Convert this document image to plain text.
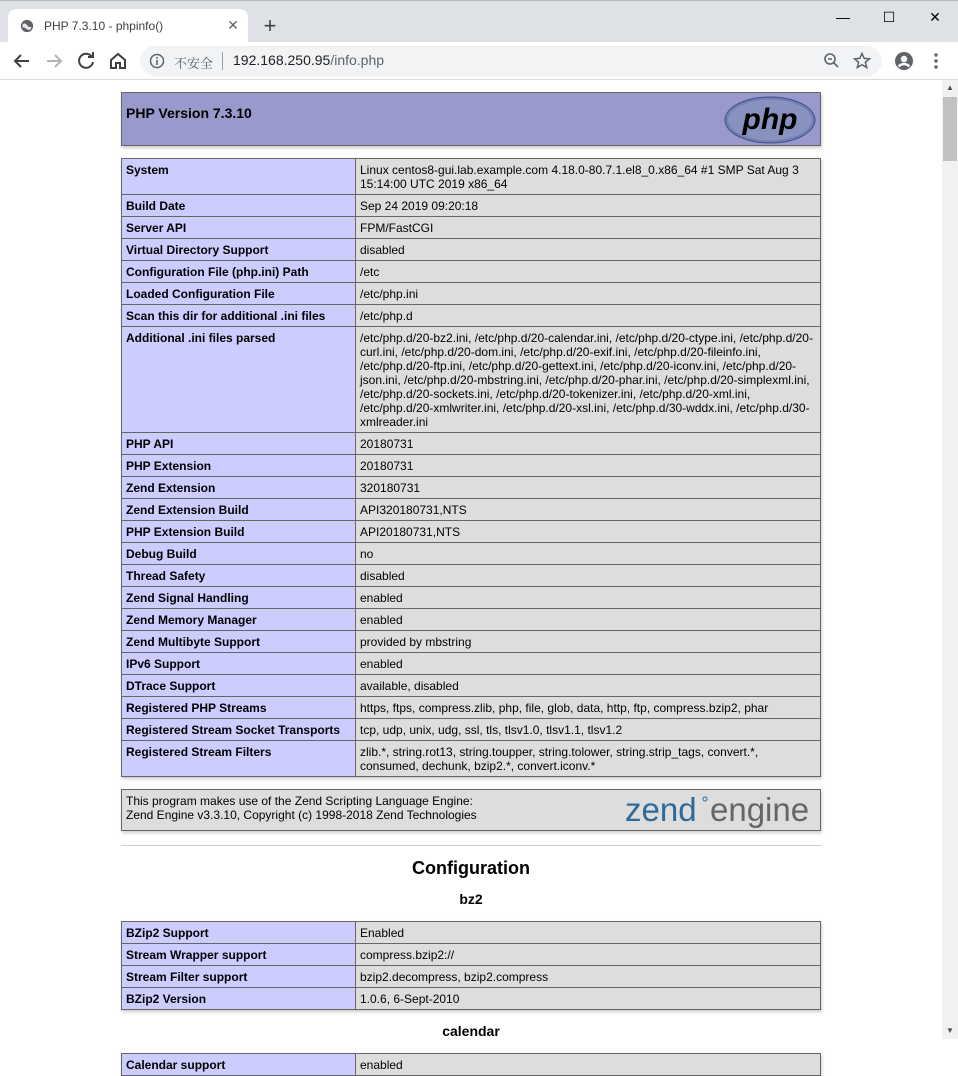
PHP 7.3.10 - phpinfo()	✕ +	—	☐	✕
不安全 192.168.250.95/info.php
PHP Version 7.3.10	php
System	Linux centos8-gui.lab.example.com 4.18.0-80.7.1.el8_0.x86_64 #1 SMP Sat Aug 3 15:14:00 UTC 2019 x86_64
Build Date	Sep 24 2019 09:20:18
Server API	FPM/FastCGI
Virtual Directory Support	disabled
Configuration File (php.ini) Path	/etc
Loaded Configuration File	/etc/php.ini
Scan this dir for additional .ini files	/etc/php.d
Additional .ini files parsed	/etc/php.d/20-bz2.ini, /etc/php.d/20-calendar.ini, /etc/php.d/20-ctype.ini, /etc/php.d/20-curl.ini, /etc/php.d/20-dom.ini, /etc/php.d/20-exif.ini, /etc/php.d/20-fileinfo.ini, /etc/php.d/20-ftp.ini, /etc/php.d/20-gettext.ini, /etc/php.d/20-iconv.ini, /etc/php.d/20-json.ini, /etc/php.d/20-mbstring.ini, /etc/php.d/20-phar.ini, /etc/php.d/20-simplexml.ini, /etc/php.d/20-sockets.ini, /etc/php.d/20-tokenizer.ini, /etc/php.d/20-xml.ini, /etc/php.d/20-xmlwriter.ini, /etc/php.d/20-xsl.ini, /etc/php.d/30-wddx.ini, /etc/php.d/30-xmlreader.ini
PHP API	20180731
PHP Extension	20180731
Zend Extension	320180731
Zend Extension Build	API320180731,NTS
PHP Extension Build	API20180731,NTS
Debug Build	no
Thread Safety	disabled
Zend Signal Handling	enabled
Zend Memory Manager	enabled
Zend Multibyte Support	provided by mbstring
IPv6 Support	enabled
DTrace Support	available, disabled
Registered PHP Streams	https, ftps, compress.zlib, php, file, glob, data, http, ftp, compress.bzip2, phar
Registered Stream Socket Transports	tcp, udp, unix, udg, ssl, tls, tlsv1.0, tlsv1.1, tlsv1.2
Registered Stream Filters	zlib.*, string.rot13, string.toupper, string.tolower, string.strip_tags, convert.*, consumed, dechunk, bzip2.*, convert.iconv.*
This program makes use of the Zend Scripting Language Engine:
Zend Engine v3.3.10, Copyright (c) 1998-2018 Zend Technologies	zend engine
Configuration
bz2
BZip2 Support	Enabled
Stream Wrapper support	compress.bzip2://
Stream Filter support	bzip2.decompress, bzip2.compress
BZip2 Version	1.0.6, 6-Sept-2010
calendar
Calendar support	enabled
▲
▼
